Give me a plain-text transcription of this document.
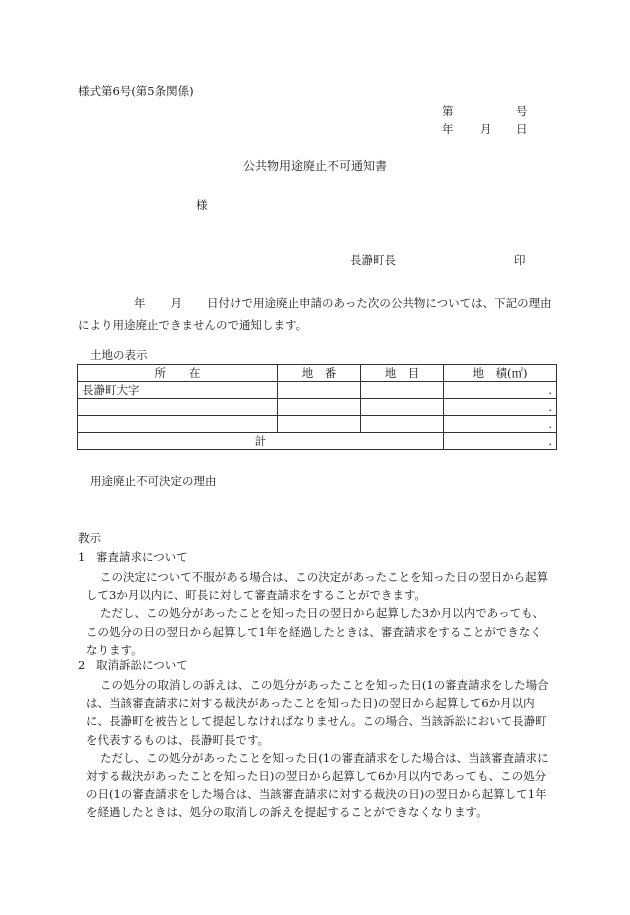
様式第6号(第5条関係)
第	号
年 月 日
公共物用途廃止不可通知書
様
長瀞町長	印
年 月 日付けで用途廃止申請のあった次の公共物については、下記の理由により用途廃止できませんので通知します。
土地の表示
所　　在	地　番	地　目	地　積(㎡)
長瀞町大字			.
			.
			.
計			.
用途廃止不可決定の理由
教示
1 審査請求について

この決定について不服がある場合は、この決定があったことを知った日の翌日から起算して3か月以内に、町長に対して審査請求をすることができます。

ただし、この処分があったことを知った日の翌日から起算した3か月以内であっても、この処分の日の翌日から起算して1年を経過したときは、審査請求をすることができなくなります。

2 取消訴訟について

この処分の取消しの訴えは、この処分があったことを知った日(1の審査請求をした場合は、当該審査請求に対する裁決があったことを知った日)の翌日から起算して6か月以内に、長瀞町を被告として提起しなければなりません。この場合、当該訴訟において長瀞町を代表するものは、長瀞町長です。

ただし、この処分があったことを知った日(1の審査請求をした場合は、当該審査請求に対する裁決があったことを知った日)の翌日から起算して6か月以内であっても、この処分の日(1の審査請求をした場合は、当該審査請求に対する裁決の日)の翌日から起算して1年を経過したときは、処分の取消しの訴えを提起することができなくなります。
